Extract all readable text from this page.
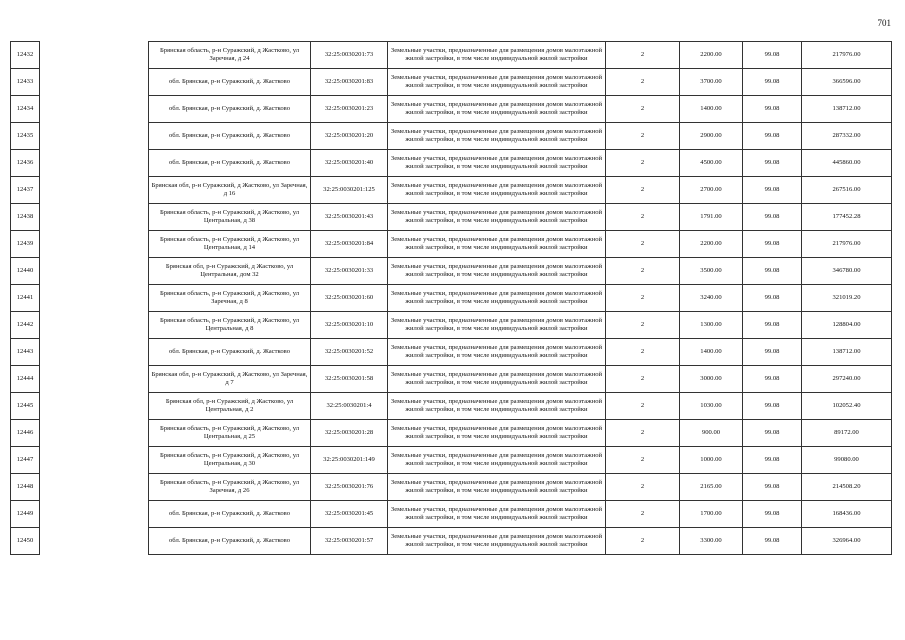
701
12432		Брянская область, р-н Суражский, д Жастково, ул Заречная, д 24	32:25:0030201:73	Земельные участки, предназначенные для размещения домов малоэтажной жилой застройки, в том числе индивидуальной жилой застройки	2	2200.00	99.08	217976.00
12433		обл. Брянская, р-н Суражский, д. Жастково	32:25:0030201:83	Земельные участки, предназначенные для размещения домов малоэтажной жилой застройки, в том числе индивидуальной жилой застройки	2	3700.00	99.08	366596.00
12434		обл. Брянская, р-н Суражский, д. Жастково	32:25:0030201:23	Земельные участки, предназначенные для размещения домов малоэтажной жилой застройки, в том числе индивидуальной жилой застройки	2	1400.00	99.08	138712.00
12435		обл. Брянская, р-н Суражский, д. Жастково	32:25:0030201:20	Земельные участки, предназначенные для размещения домов малоэтажной жилой застройки, в том числе индивидуальной жилой застройки	2	2900.00	99.08	287332.00
12436		обл. Брянская, р-н Суражский, д. Жастково	32:25:0030201:40	Земельные участки, предназначенные для размещения домов малоэтажной жилой застройки, в том числе индивидуальной жилой застройки	2	4500.00	99.08	445860.00
12437		Брянская обл, р-н Суражский, д Жастково, ул Заречная, д 16	32:25:0030201:125	Земельные участки, предназначенные для размещения домов малоэтажной жилой застройки, в том числе индивидуальной жилой застройки	2	2700.00	99.08	267516.00
12438		Брянская область, р-н Суражский, д Жастково, ул Центральная, д 38	32:25:0030201:43	Земельные участки, предназначенные для размещения домов малоэтажной жилой застройки, в том числе индивидуальной жилой застройки	2	1791.00	99.08	177452.28
12439		Брянская область, р-н Суражский, д Жастково, ул Центральная, д 14	32:25:0030201:84	Земельные участки, предназначенные для размещения домов малоэтажной жилой застройки, в том числе индивидуальной жилой застройки	2	2200.00	99.08	217976.00
12440		Брянская обл, р-н Суражский, д Жастково, ул Центральная, дом 32	32:25:0030201:33	Земельные участки, предназначенные для размещения домов малоэтажной жилой застройки, в том числе индивидуальной жилой застройки	2	3500.00	99.08	346780.00
12441		Брянская область, р-н Суражский, д Жастково, ул Заречная, д 8	32:25:0030201:60	Земельные участки, предназначенные для размещения домов малоэтажной жилой застройки, в том числе индивидуальной жилой застройки	2	3240.00	99.08	321019.20
12442		Брянская область, р-н Суражский, д Жастково, ул Центральная, д 8	32:25:0030201:10	Земельные участки, предназначенные для размещения домов малоэтажной жилой застройки, в том числе индивидуальной жилой застройки	2	1300.00	99.08	128804.00
12443		обл. Брянская, р-н Суражский, д. Жастково	32:25:0030201:52	Земельные участки, предназначенные для размещения домов малоэтажной жилой застройки, в том числе индивидуальной жилой застройки	2	1400.00	99.08	138712.00
12444		Брянская обл, р-н Суражский, д Жастково, ул Заречная, д 7	32:25:0030201:58	Земельные участки, предназначенные для размещения домов малоэтажной жилой застройки, в том числе индивидуальной жилой застройки	2	3000.00	99.08	297240.00
12445		Брянская обл, р-н Суражский, д Жастково, ул Центральная, д 2	32:25:0030201:4	Земельные участки, предназначенные для размещения домов малоэтажной жилой застройки, в том числе индивидуальной жилой застройки	2	1030.00	99.08	102052.40
12446		Брянская область, р-н Суражский, д Жастково, ул Центральная, д 25	32:25:0030201:28	Земельные участки, предназначенные для размещения домов малоэтажной жилой застройки, в том числе индивидуальной жилой застройки	2	900.00	99.08	89172.00
12447		Брянская область, р-н Суражский, д Жастково, ул Центральная, д 30	32:25:0030201:149	Земельные участки, предназначенные для размещения домов малоэтажной жилой застройки, в том числе индивидуальной жилой застройки	2	1000.00	99.08	99080.00
12448		Брянская область, р-н Суражский, д Жастково, ул Заречная, д 26	32:25:0030201:76	Земельные участки, предназначенные для размещения домов малоэтажной жилой застройки, в том числе индивидуальной жилой застройки	2	2165.00	99.08	214508.20
12449		обл. Брянская, р-н Суражский, д. Жастково	32:25:0030201:45	Земельные участки, предназначенные для размещения домов малоэтажной жилой застройки, в том числе индивидуальной жилой застройки	2	1700.00	99.08	168436.00
12450		обл. Брянская, р-н Суражский, д. Жастково	32:25:0030201:57	Земельные участки, предназначенные для размещения домов малоэтажной жилой застройки, в том числе индивидуальной жилой застройки	2	3300.00	99.08	326964.00
